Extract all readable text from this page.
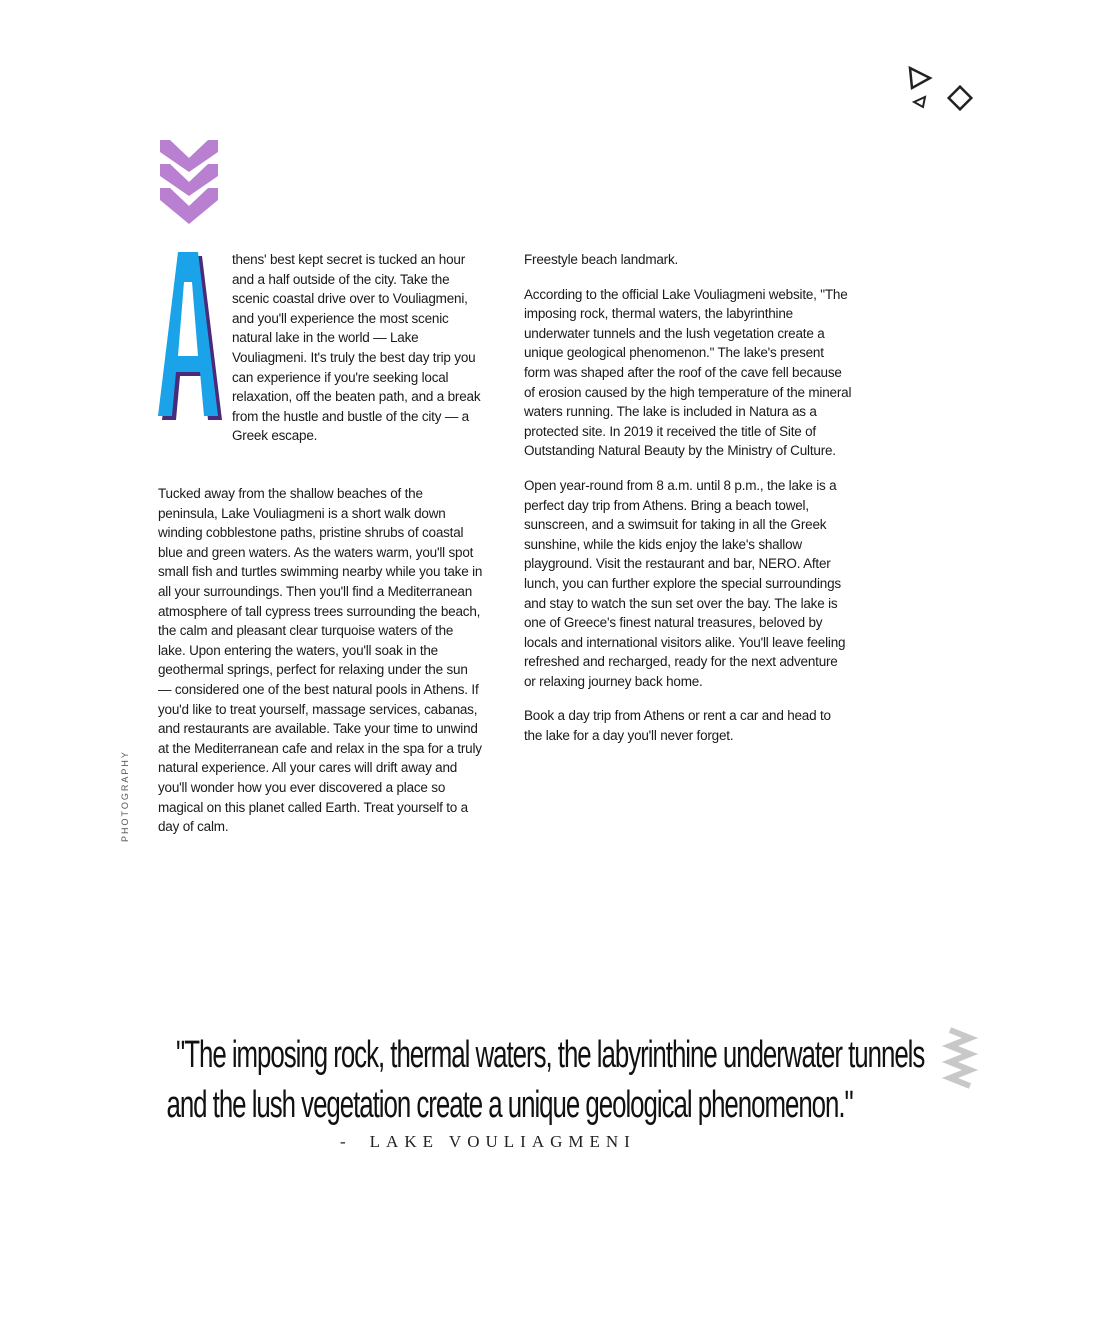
A

thens' best kept secret is tucked an hour and a half outside of the city. Take the scenic coastal drive over to Vouliagmeni, and you'll experience the most scenic natural lake in the world — Lake Vouliagmeni. It's truly the best day trip you can experience if you're seeking local relaxation, off the beaten path, and a break from the hustle and bustle of the city — a Greek escape.

Tucked away from the shallow beaches of the peninsula, Lake Vouliagmeni is a short walk down winding cobblestone paths, pristine shrubs of coastal blue and green waters. As the waters warm, you'll spot small fish and turtles swimming nearby while you take in all your surroundings. Then you'll find a Mediterranean atmosphere of tall cypress trees surrounding the beach, the calm and pleasant clear turquoise waters of the lake. Upon entering the waters, you'll soak in the geothermal springs, perfect for relaxing under the sun — considered one of the best natural pools in Athens. If you'd like to treat yourself, massage services, cabanas, and restaurants are available. Take your time to unwind at the Mediterranean cafe and relax in the spa for a truly natural experience. All your cares will drift away and you'll wonder how you ever discovered a place so magical on this planet called Earth. Treat yourself to a day of calm.

Freestyle beach landmark.

According to the official Lake Vouliagmeni website, "The imposing rock, thermal waters, the labyrinthine underwater tunnels and the lush vegetation create a unique geological phenomenon." The lake's present form was shaped after the roof of the cave fell because of erosion caused by the high temperature of the mineral waters running. The lake is included in Natura as a protected site. In 2019 it received the title of Site of Outstanding Natural Beauty by the Ministry of Culture.

Open year-round from 8 a.m. until 8 p.m., the lake is a perfect day trip from Athens. Bring a beach towel, sunscreen, and a swimsuit for taking in all the Greek sunshine, while the kids enjoy the lake's shallow playground. Visit the restaurant and bar, NERO. After lunch, you can further explore the special surroundings and stay to watch the sun set over the bay. The lake is one of Greece's finest natural treasures, beloved by locals and international visitors alike. You'll leave feeling refreshed and recharged, ready for the next adventure or relaxing journey back home.

Book a day trip from Athens or rent a car and head to the lake for a day you'll never forget.

PHOTOGRAPHY
"The imposing rock, thermal waters, the labyrinthine underwater tunnels
and the lush vegetation create a unique geological phenomenon."
- LAKE VOULIAGMENI
